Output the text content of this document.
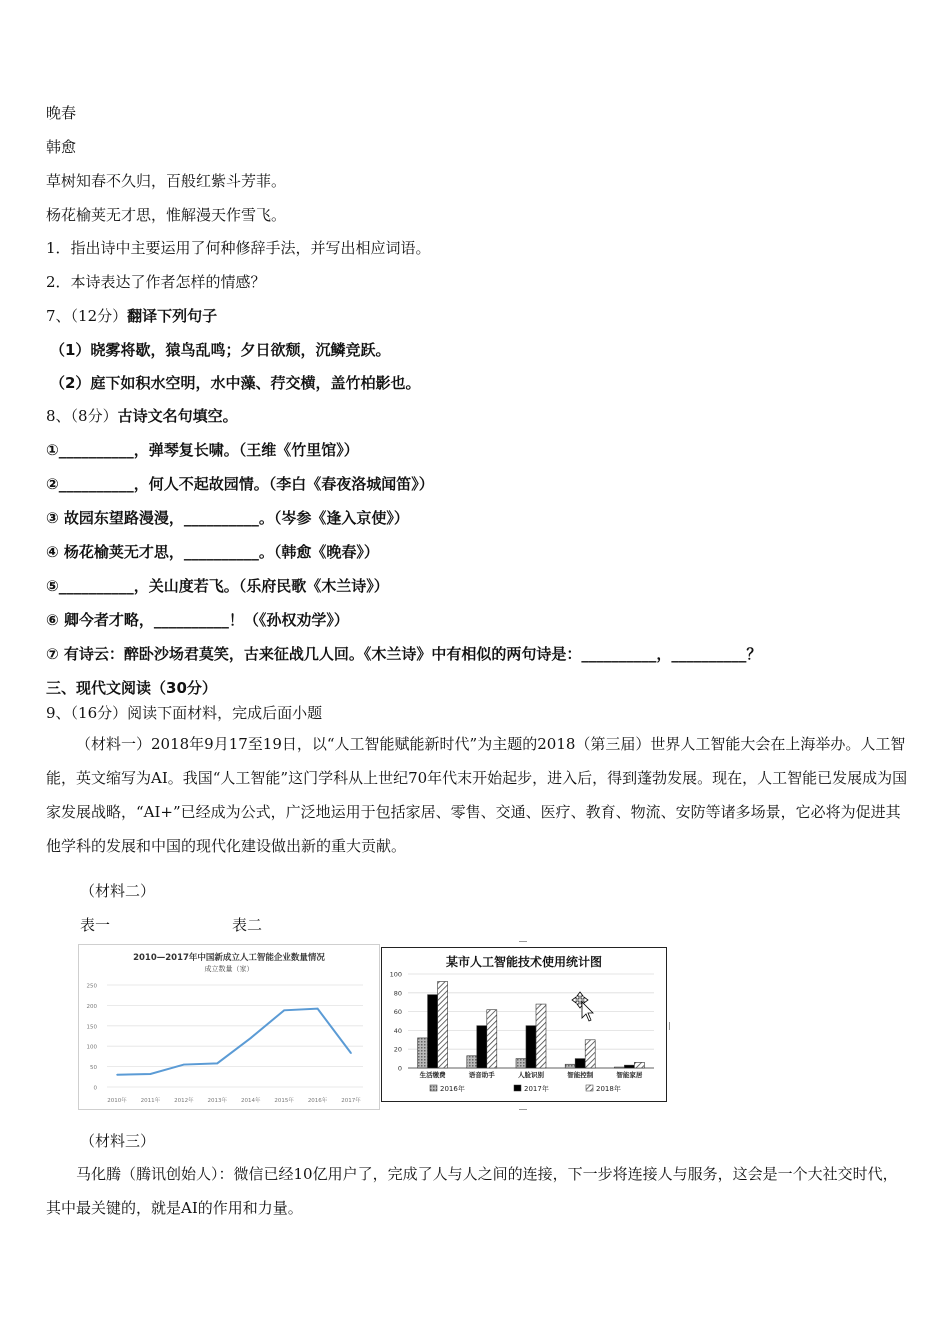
晚春
韩愈
草树知春不久归，百般红紫斗芳菲。
杨花榆荚无才思，惟解漫天作雪飞。
1．指出诗中主要运用了何种修辞手法，并写出相应词语。
2．本诗表达了作者怎样的情感？
7、（12分）翻译下列句子
（1）晓雾将歇，猿鸟乱鸣；夕日欲颓，沉鳞竞跃。
（2）庭下如积水空明，水中藻、荇交横，盖竹柏影也。
8、（8分）古诗文名句填空。
①__________，弹琴复长啸。（王维《竹里馆》）
②__________，何人不起故园情。（李白《春夜洛城闻笛》）
③ 故园东望路漫漫，__________。（岑参《逢入京使》）
④ 杨花榆荚无才思，__________。（韩愈《晚春》）
⑤__________，关山度若飞。（乐府民歌《木兰诗》）
⑥ 卿今者才略，__________！（《孙权劝学》）
⑦ 有诗云：醉卧沙场君莫笑，古来征战几人回。《木兰诗》中有相似的两句诗是：__________，__________？
三、现代文阅读（30分）
9、（16分）阅读下面材料，完成后面小题
（材料一）2018年9月17至19日，以“人工智能赋能新时代”为主题的2018（第三届）世界人工智能大会在上海举办。人工智能，英文缩写为AI。我国“人工智能”这门学科从上世纪70年代末开始起步，进入后，得到蓬勃发展。现在，人工智能已发展成为国家发展战略，“AI+”已经成为公式，广泛地运用于包括家居、零售、交通、医疗、教育、物流、安防等诸多场景，它必将为促进其他学科的发展和中国的现代化建设做出新的重大贡献。
（材料二）
表一	表二
2010—2017年中国新成立人工智能企业数量情况
成立数量（家）
0
50
100
150
200
250
2010年	2011年	2012年	2013年	2014年	2015年	2016年	2017年
某市人工智能技术使用统计图
0
20
40
60
80
100
生活缴费	语音助手	人脸识别	智能控制	智能家居
2016年	2017年	2018年
（材料三）
马化腾（腾讯创始人）：微信已经10亿用户了，完成了人与人之间的连接，下一步将连接人与服务，这会是一个大社交时代，其中最关键的，就是AI的作用和力量。
